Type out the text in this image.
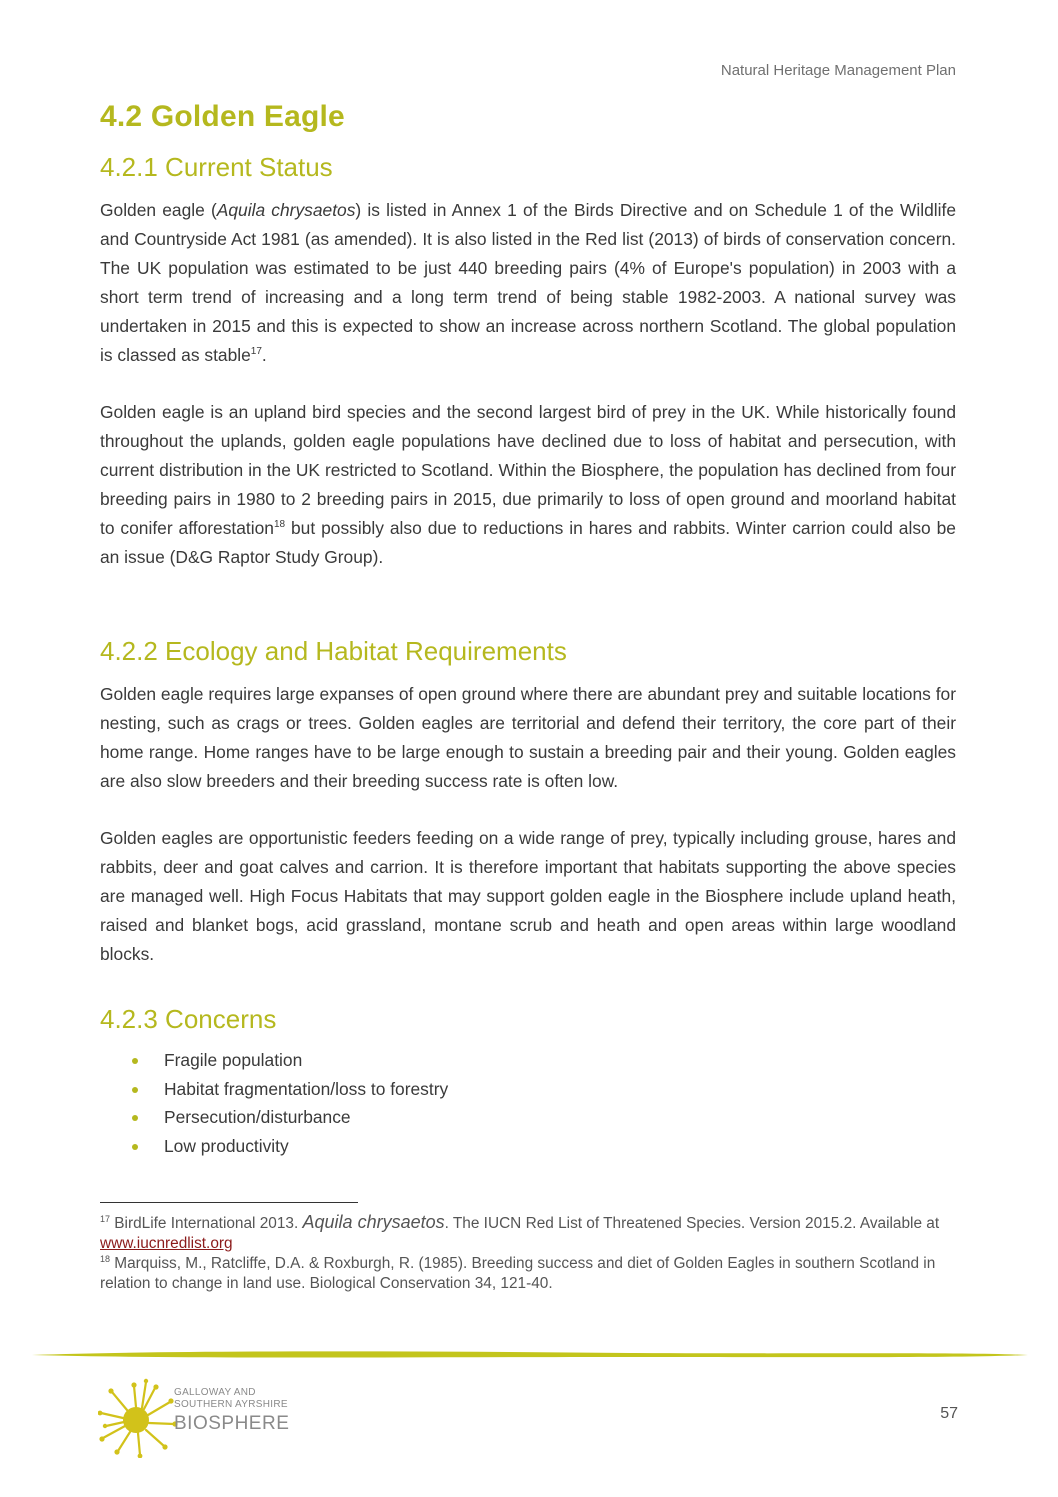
Natural Heritage Management Plan
4.2 Golden Eagle
4.2.1 Current Status

Golden eagle (Aquila chrysaetos) is listed in Annex 1 of the Birds Directive and on Schedule 1 of the Wildlife and Countryside Act 1981 (as amended). It is also listed in the Red list (2013) of birds of conservation concern. The UK population was estimated to be just 440 breeding pairs (4% of Europe's population) in 2003 with a short term trend of increasing and a long term trend of being stable 1982-2003. A national survey was undertaken in 2015 and this is expected to show an increase across northern Scotland. The global population is classed as stable$^{17}$.

Golden eagle is an upland bird species and the second largest bird of prey in the UK. While historically found throughout the uplands, golden eagle populations have declined due to loss of habitat and persecution, with current distribution in the UK restricted to Scotland. Within the Biosphere, the population has declined from four breeding pairs in 1980 to 2 breeding pairs in 2015, due primarily to loss of open ground and moorland habitat to conifer afforestation$^{18}$ but possibly also due to reductions in hares and rabbits. Winter carrion could also be an issue (D&G Raptor Study Group).

4.2.2 Ecology and Habitat Requirements

Golden eagle requires large expanses of open ground where there are abundant prey and suitable locations for nesting, such as crags or trees. Golden eagles are territorial and defend their territory, the core part of their home range. Home ranges have to be large enough to sustain a breeding pair and their young. Golden eagles are also slow breeders and their breeding success rate is often low.

Golden eagles are opportunistic feeders feeding on a wide range of prey, typically including grouse, hares and rabbits, deer and goat calves and carrion. It is therefore important that habitats supporting the above species are managed well. High Focus Habitats that may support golden eagle in the Biosphere include upland heath, raised and blanket bogs, acid grassland, montane scrub and heath and open areas within large woodland blocks.

4.2.3 Concerns
Fragile population
Habitat fragmentation/loss to forestry
Persecution/disturbance
Low productivity

$^{17}$ BirdLife International 2013. Aquila chrysaetos. The IUCN Red List of Threatened Species. Version 2015.2. Available at www.iucnredlist.org

$^{18}$ Marquiss, M., Ratcliffe, D.A. & Roxburgh, R. (1985). Breeding success and diet of Golden Eagles in southern Scotland in relation to change in land use. Biological Conservation 34, 121-40.

GALLOWAY AND
SOUTHERN AYRSHIRE
BIOSPHERE	57
